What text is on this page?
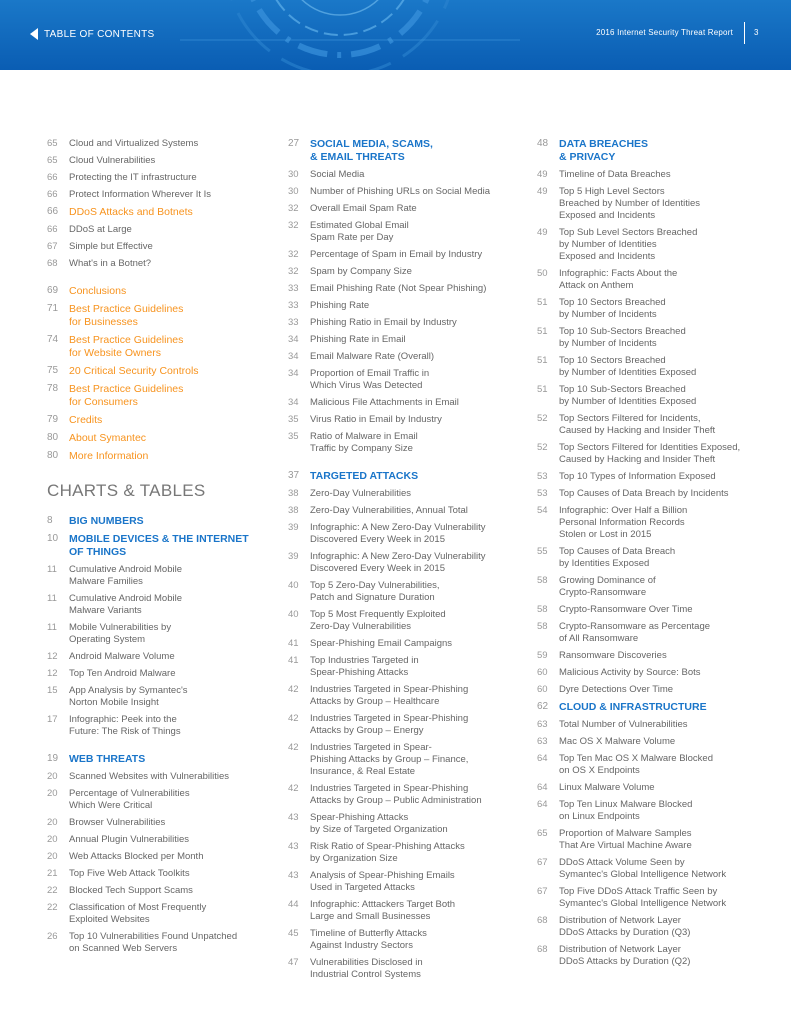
TABLE OF CONTENTS	2016 Internet Security Threat Report	3
65	Cloud and Virtualized Systems
65	Cloud Vulnerabilities
66	Protecting the IT infrastructure
66	Protect Information Wherever It Is
66	DDoS Attacks and Botnets
66	DDoS at Large
67	Simple but Effective
68	What's in a Botnet?
69	Conclusions
71	Best Practice Guidelines
for Businesses
74	Best Practice Guidelines
for Website Owners
75	20 Critical Security Controls
78	Best Practice Guidelines
for Consumers
79	Credits
80	About Symantec
80	More Information
CHARTS & TABLES
8	BIG NUMBERS
10	MOBILE DEVICES & THE INTERNET
OF THINGS
11	Cumulative Android Mobile
Malware Families
11	Cumulative Android Mobile
Malware Variants
11	Mobile Vulnerabilities by
Operating System
12	Android Malware Volume
12	Top Ten Android Malware
15	App Analysis by Symantec's
Norton Mobile Insight
17	Infographic: Peek into the
Future: The Risk of Things
19	WEB THREATS
20	Scanned Websites with Vulnerabilities
20	Percentage of Vulnerabilities
Which Were Critical
20	Browser Vulnerabilities
20	Annual Plugin Vulnerabilities
20	Web Attacks Blocked per Month
21	Top Five Web Attack Toolkits
22	Blocked Tech Support Scams
22	Classification of Most Frequently
Exploited Websites
26	Top 10 Vulnerabilities Found Unpatched
on Scanned Web Servers
27	SOCIAL MEDIA, SCAMS,
& EMAIL THREATS
30	Social Media
30	Number of Phishing URLs on Social Media
32	Overall Email Spam Rate
32	Estimated Global Email
Spam Rate per Day
32	Percentage of Spam in Email by Industry
32	Spam by Company Size
33	Email Phishing Rate (Not Spear Phishing)
33	Phishing Rate
33	Phishing Ratio in Email by Industry
34	Phishing Rate in Email
34	Email Malware Rate (Overall)
34	Proportion of Email Traffic in
Which Virus Was Detected
34	Malicious File Attachments in Email
35	Virus Ratio in Email by Industry
35	Ratio of Malware in Email
Traffic by Company Size
37	TARGETED ATTACKS
38	Zero-Day Vulnerabilities
38	Zero-Day Vulnerabilities, Annual Total
39	Infographic: A New Zero-Day Vulnerability
Discovered Every Week in 2015
39	Infographic: A New Zero-Day Vulnerability
Discovered Every Week in 2015
40	Top 5 Zero-Day Vulnerabilities,
Patch and Signature Duration
40	Top 5 Most Frequently Exploited
Zero-Day Vulnerabilities
41	Spear-Phishing Email Campaigns
41	Top Industries Targeted in
Spear-Phishing Attacks
42	Industries Targeted in Spear-Phishing
Attacks by Group – Healthcare
42	Industries Targeted in Spear-Phishing
Attacks by Group – Energy
42	Industries Targeted in Spear-
Phishing Attacks by Group – Finance,
Insurance, & Real Estate
42	Industries Targeted in Spear-Phishing
Attacks by Group – Public Administration
43	Spear-Phishing Attacks
by Size of Targeted Organization
43	Risk Ratio of Spear-Phishing Attacks
by Organization Size
43	Analysis of Spear-Phishing Emails
Used in Targeted Attacks
44	Infographic: Atttackers Target Both
Large and Small Businesses
45	Timeline of Butterfly Attacks
Against Industry Sectors
47	Vulnerabilities Disclosed in
Industrial Control Systems
48	DATA BREACHES
& PRIVACY
49	Timeline of Data Breaches
49	Top 5 High Level Sectors
Breached by Number of Identities
Exposed and Incidents
49	Top Sub Level Sectors Breached
by Number of Identities
Exposed and Incidents
50	Infographic: Facts About the
Attack on Anthem
51	Top 10 Sectors Breached
by Number of Incidents
51	Top 10 Sub-Sectors Breached
by Number of Incidents
51	Top 10 Sectors Breached
by Number of Identities Exposed
51	Top 10 Sub-Sectors Breached
by Number of Identities Exposed
52	Top Sectors Filtered for Incidents,
Caused by Hacking and Insider Theft
52	Top Sectors Filtered for Identities Exposed,
Caused by Hacking and Insider Theft
53	Top 10 Types of Information Exposed
53	Top Causes of Data Breach by Incidents
54	Infographic: Over Half a Billion
Personal Information Records
Stolen or Lost in 2015
55	Top Causes of Data Breach
by Identities Exposed
58	Growing Dominance of
Crypto-Ransomware
58	Crypto-Ransomware Over Time
58	Crypto-Ransomware as Percentage
of All Ransomware
59	Ransomware Discoveries
60	Malicious Activity by Source: Bots
60	Dyre Detections Over Time
62	CLOUD & INFRASTRUCTURE
63	Total Number of Vulnerabilities
63	Mac OS X Malware Volume
64	Top Ten Mac OS X Malware Blocked
on OS X Endpoints
64	Linux Malware Volume
64	Top Ten Linux Malware Blocked
on Linux Endpoints
65	Proportion of Malware Samples
That Are Virtual Machine Aware
67	DDoS Attack Volume Seen by
Symantec's Global Intelligence Network
67	Top Five DDoS Attack Traffic Seen by
Symantec's Global Intelligence Network
68	Distribution of Network Layer
DDoS Attacks by Duration (Q3)
68	Distribution of Network Layer
DDoS Attacks by Duration (Q2)
